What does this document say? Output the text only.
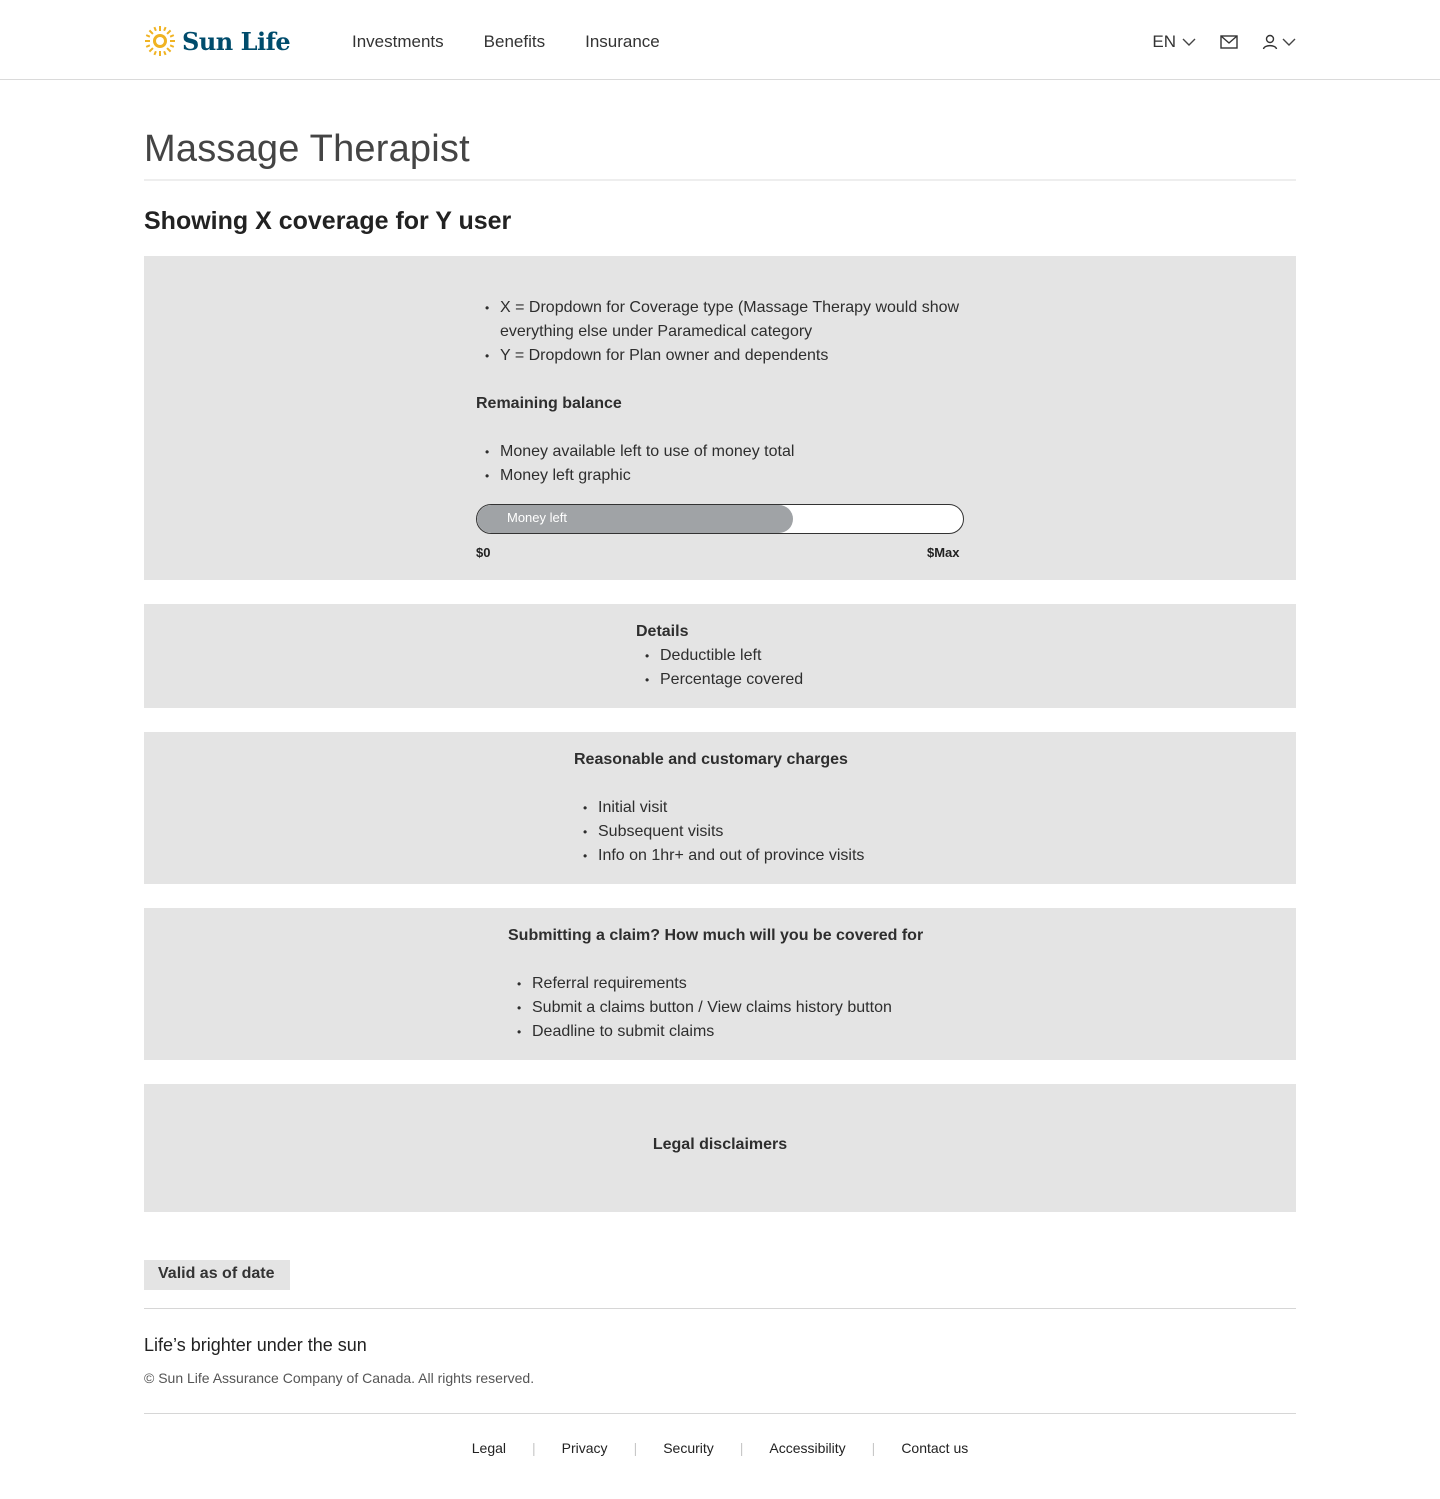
Sun Life	Investments Benefits Insurance	EN
Massage Therapist
Showing X coverage for Y user
• X = Dropdown for Coverage type (Massage Therapy would show everything else under Paramedical category
• Y = Dropdown for Plan owner and dependents
Remaining balance
• Money available left to use of money total
• Money left graphic
Money left
$0	$Max
Details
• Deductible left
• Percentage covered
Reasonable and customary charges
• Initial visit
• Subsequent visits
• Info on 1hr+ and out of province visits
Submitting a claim? How much will you be covered for
• Referral requirements
• Submit a claims button / View claims history button
• Deadline to submit claims
Legal disclaimers
Valid as of date

Life’s brighter under the sun

© Sun Life Assurance Company of Canada. All rights reserved.

Legal | Privacy | Security | Accessibility | Contact us
